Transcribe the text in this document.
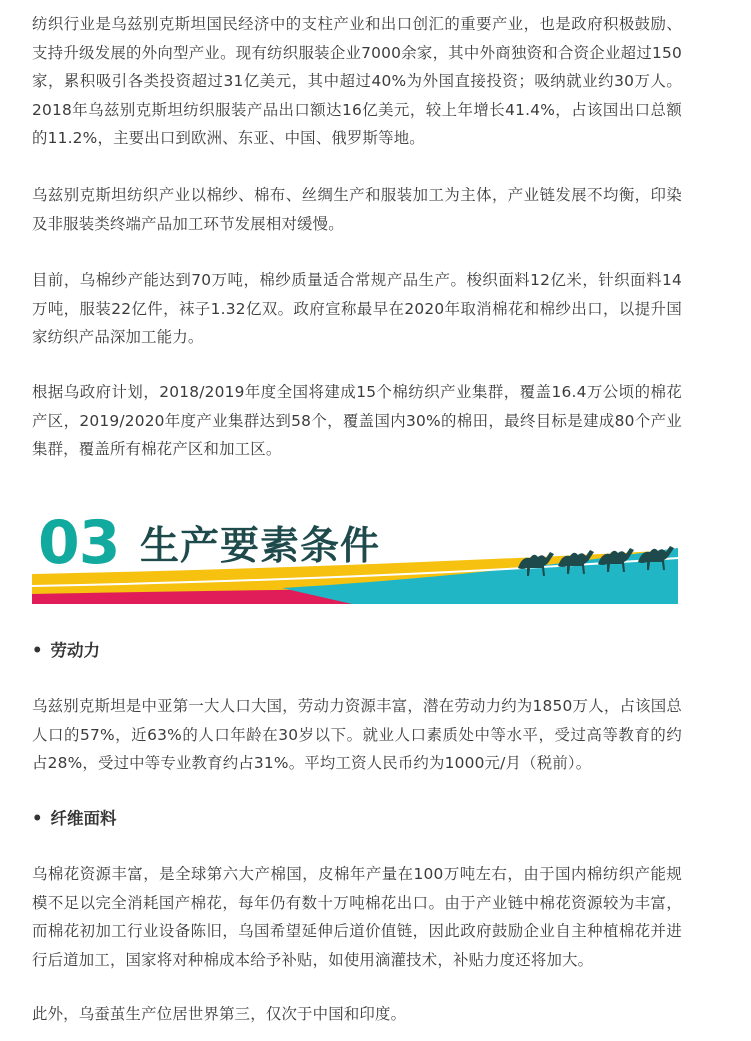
纺织行业是乌兹别克斯坦国民经济中的支柱产业和出口创汇的重要产业，也是政府积极鼓励、支持升级发展的外向型产业。现有纺织服装企业7000余家，其中外商独资和合资企业超过150家，累积吸引各类投资超过31亿美元，其中超过40%为外国直接投资；吸纳就业约30万人。2018年乌兹别克斯坦纺织服装产品出口额达16亿美元，较上年增长41.4%，占该国出口总额的11.2%，主要出口到欧洲、东亚、中国、俄罗斯等地。

乌兹别克斯坦纺织产业以棉纱、棉布、丝绸生产和服装加工为主体，产业链发展不均衡，印染及非服装类终端产品加工环节发展相对缓慢。

目前，乌棉纱产能达到70万吨，棉纱质量适合常规产品生产。梭织面料12亿米，针织面料14万吨，服装22亿件，袜子1.32亿双。政府宣称最早在2020年取消棉花和棉纱出口，以提升国家纺织产品深加工能力。

根据乌政府计划，2018/2019年度全国将建成15个棉纺织产业集群，覆盖16.4万公顷的棉花产区，2019/2020年度产业集群达到58个，覆盖国内30%的棉田，最终目标是建成80个产业集群，覆盖所有棉花产区和加工区。

03 生产要素条件
• 劳动力

乌兹别克斯坦是中亚第一大人口大国，劳动力资源丰富，潜在劳动力约为1850万人，占该国总人口的57%，近63%的人口年龄在30岁以下。就业人口素质处中等水平，受过高等教育的约占28%，受过中等专业教育约占31%。平均工资人民币约为1000元/月（税前）。

• 纤维面料

乌棉花资源丰富，是全球第六大产棉国，皮棉年产量在100万吨左右，由于国内棉纺织产能规模不足以完全消耗国产棉花，每年仍有数十万吨棉花出口。由于产业链中棉花资源较为丰富，而棉花初加工行业设备陈旧，乌国希望延伸后道价值链，因此政府鼓励企业自主种植棉花并进行后道加工，国家将对种棉成本给予补贴，如使用滴灌技术，补贴力度还将加大。

此外，乌蚕茧生产位居世界第三，仅次于中国和印度。
